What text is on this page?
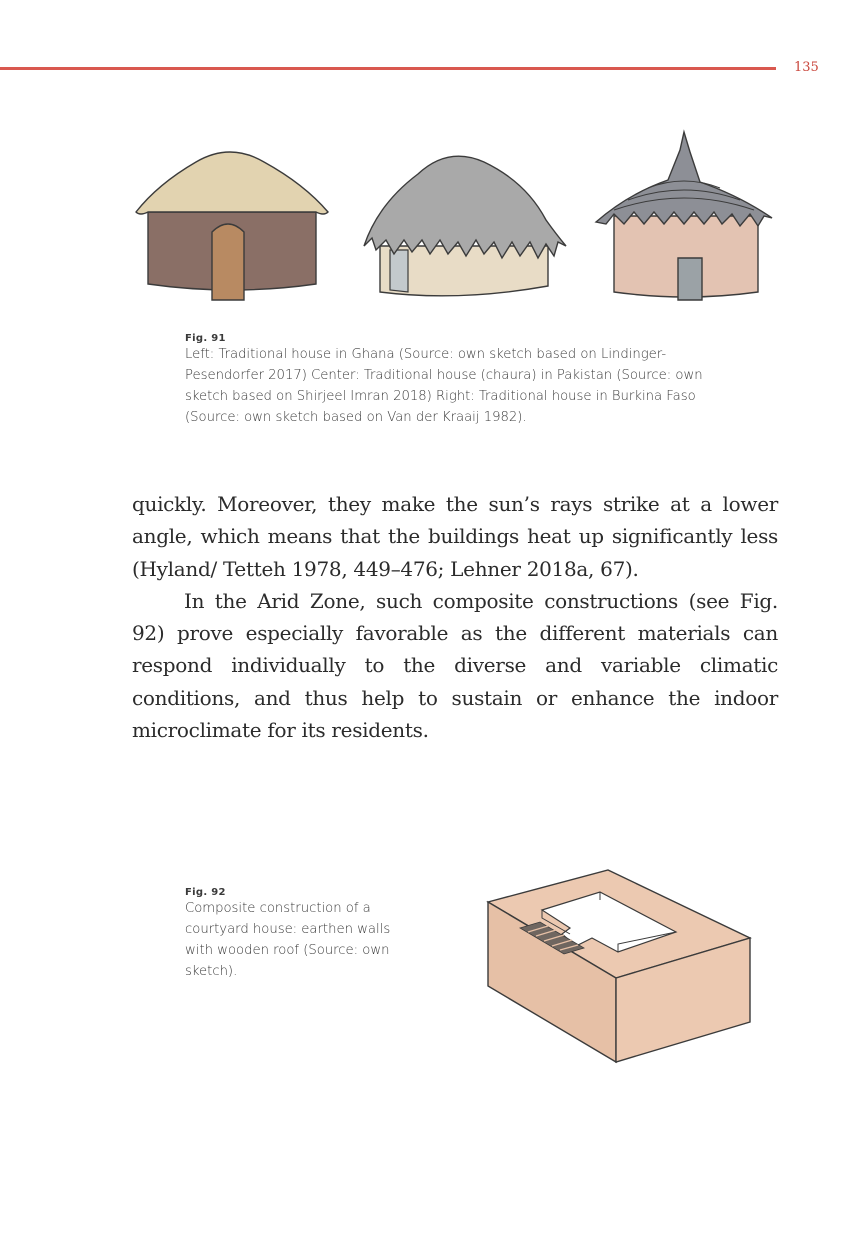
135
Fig. 91
Left: Traditional house in Ghana (Source: own sketch based on Lindinger-Pesendorfer 2017) Center: Traditional house (chaura) in Pakistan (Source: own sketch based on Shirjeel Imran 2018) Right: Traditional house in Burkina Faso (Source: own sketch based on Van der Kraaij 1982).

quickly. Moreover, they make the sun’s rays strike at a lower angle, which means that the buildings heat up significantly less (Hyland/ Tetteh 1978, 449–476; Lehner 2018a, 67).

In the Arid Zone, such composite constructions (see Fig. 92) prove especially favorable as the different materials can respond individually to the diverse and variable climatic conditions, and thus help to sustain or enhance the indoor microclimate for its residents.

Fig. 92
Composite construction of a courtyard house: earthen walls with wooden roof (Source: own sketch).
